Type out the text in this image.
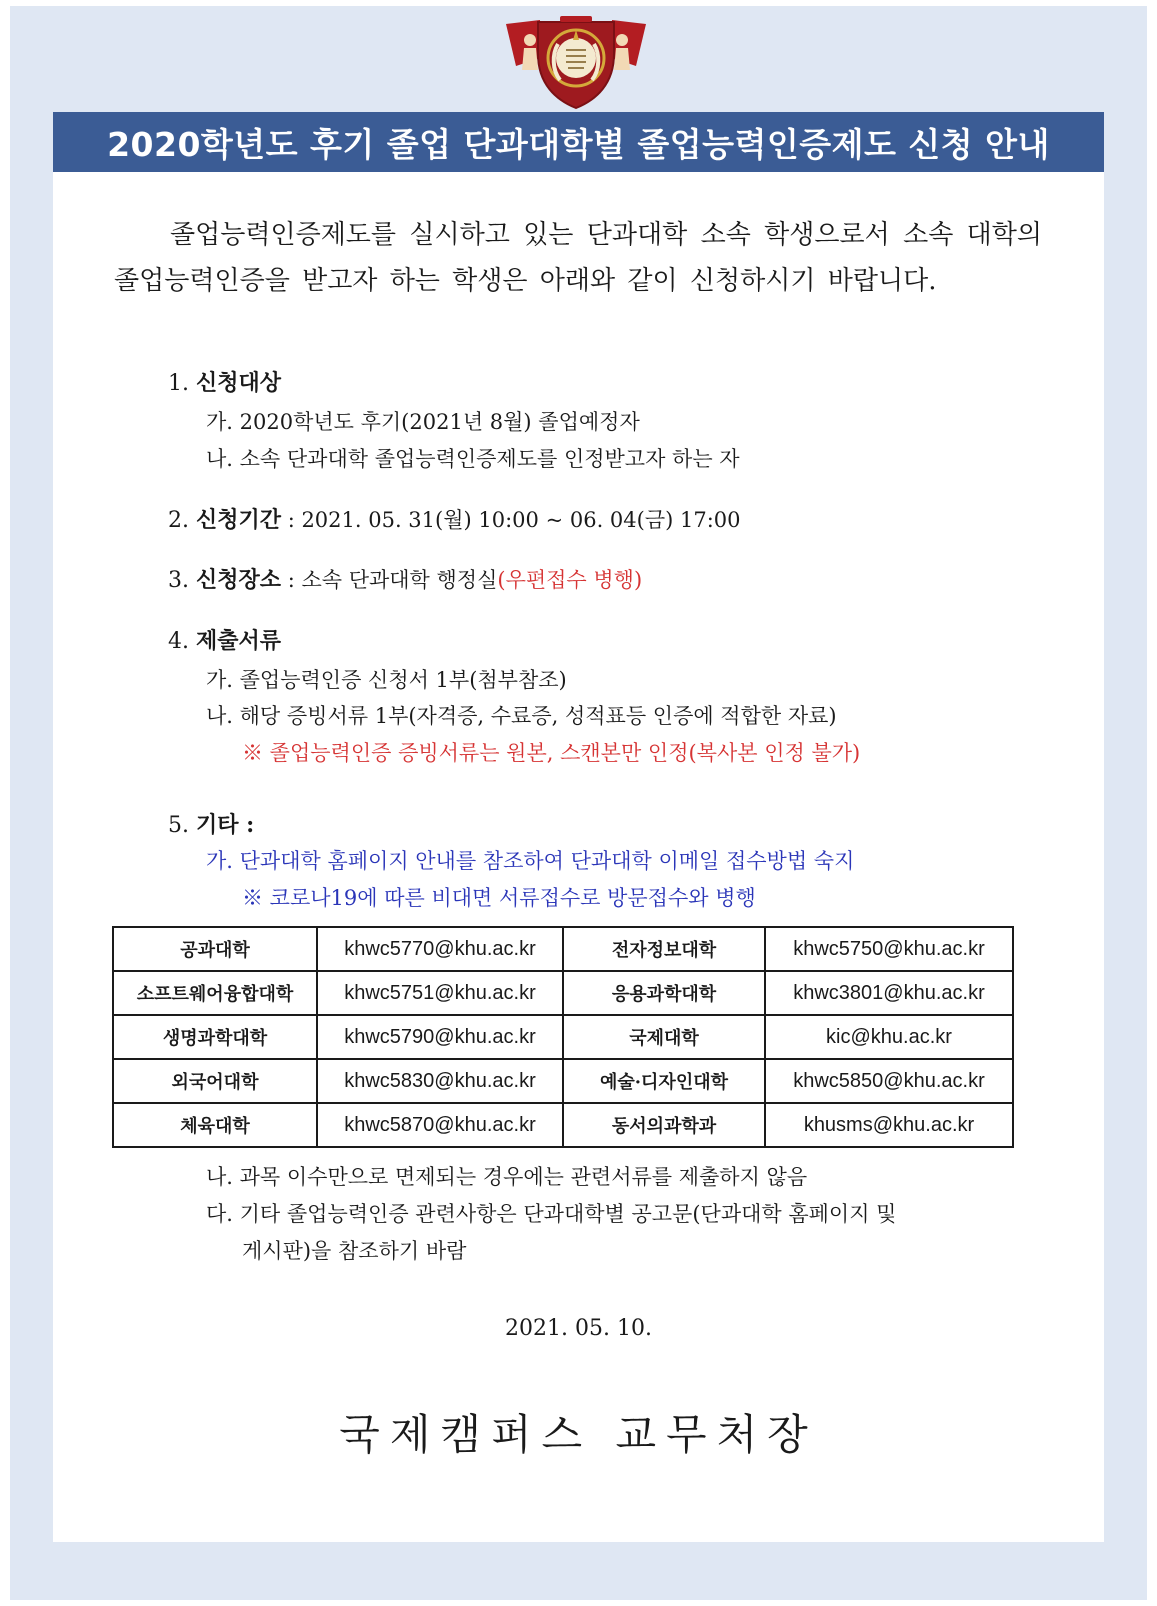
2020학년도 후기 졸업 단과대학별 졸업능력인증제도 신청 안내

졸업능력인증제도를 실시하고 있는 단과대학 소속 학생으로서 소속 대학의 졸업능력인증을 받고자 하는 학생은 아래와 같이 신청하시기 바랍니다.

1. 신청대상
가. 2020학년도 후기(2021년 8월) 졸업예정자
나. 소속 단과대학 졸업능력인증제도를 인정받고자 하는 자
2. 신청기간 : 2021. 05. 31(월) 10:00 ~ 06. 04(금) 17:00
3. 신청장소 : 소속 단과대학 행정실(우편접수 병행)
4. 제출서류
가. 졸업능력인증 신청서 1부(첨부참조)
나. 해당 증빙서류 1부(자격증, 수료증, 성적표등 인증에 적합한 자료)
※ 졸업능력인증 증빙서류는 원본, 스캔본만 인정(복사본 인정 불가)
5. 기타 :
가. 단과대학 홈페이지 안내를 참조하여 단과대학 이메일 접수방법 숙지
※ 코로나19에 따른 비대면 서류접수로 방문접수와 병행
공과대학	khwc5770@khu.ac.kr	전자정보대학	khwc5750@khu.ac.kr
소프트웨어융합대학	khwc5751@khu.ac.kr	응용과학대학	khwc3801@khu.ac.kr
생명과학대학	khwc5790@khu.ac.kr	국제대학	kic@khu.ac.kr
외국어대학	khwc5830@khu.ac.kr	예술·디자인대학	khwc5850@khu.ac.kr
체육대학	khwc5870@khu.ac.kr	동서의과학과	khusms@khu.ac.kr
나. 과목 이수만으로 면제되는 경우에는 관련서류를 제출하지 않음
다. 기타 졸업능력인증 관련사항은 단과대학별 공고문(단과대학 홈페이지 및
게시판)을 참조하기 바람
2021. 05. 10.
국제캠퍼스 교무처장
